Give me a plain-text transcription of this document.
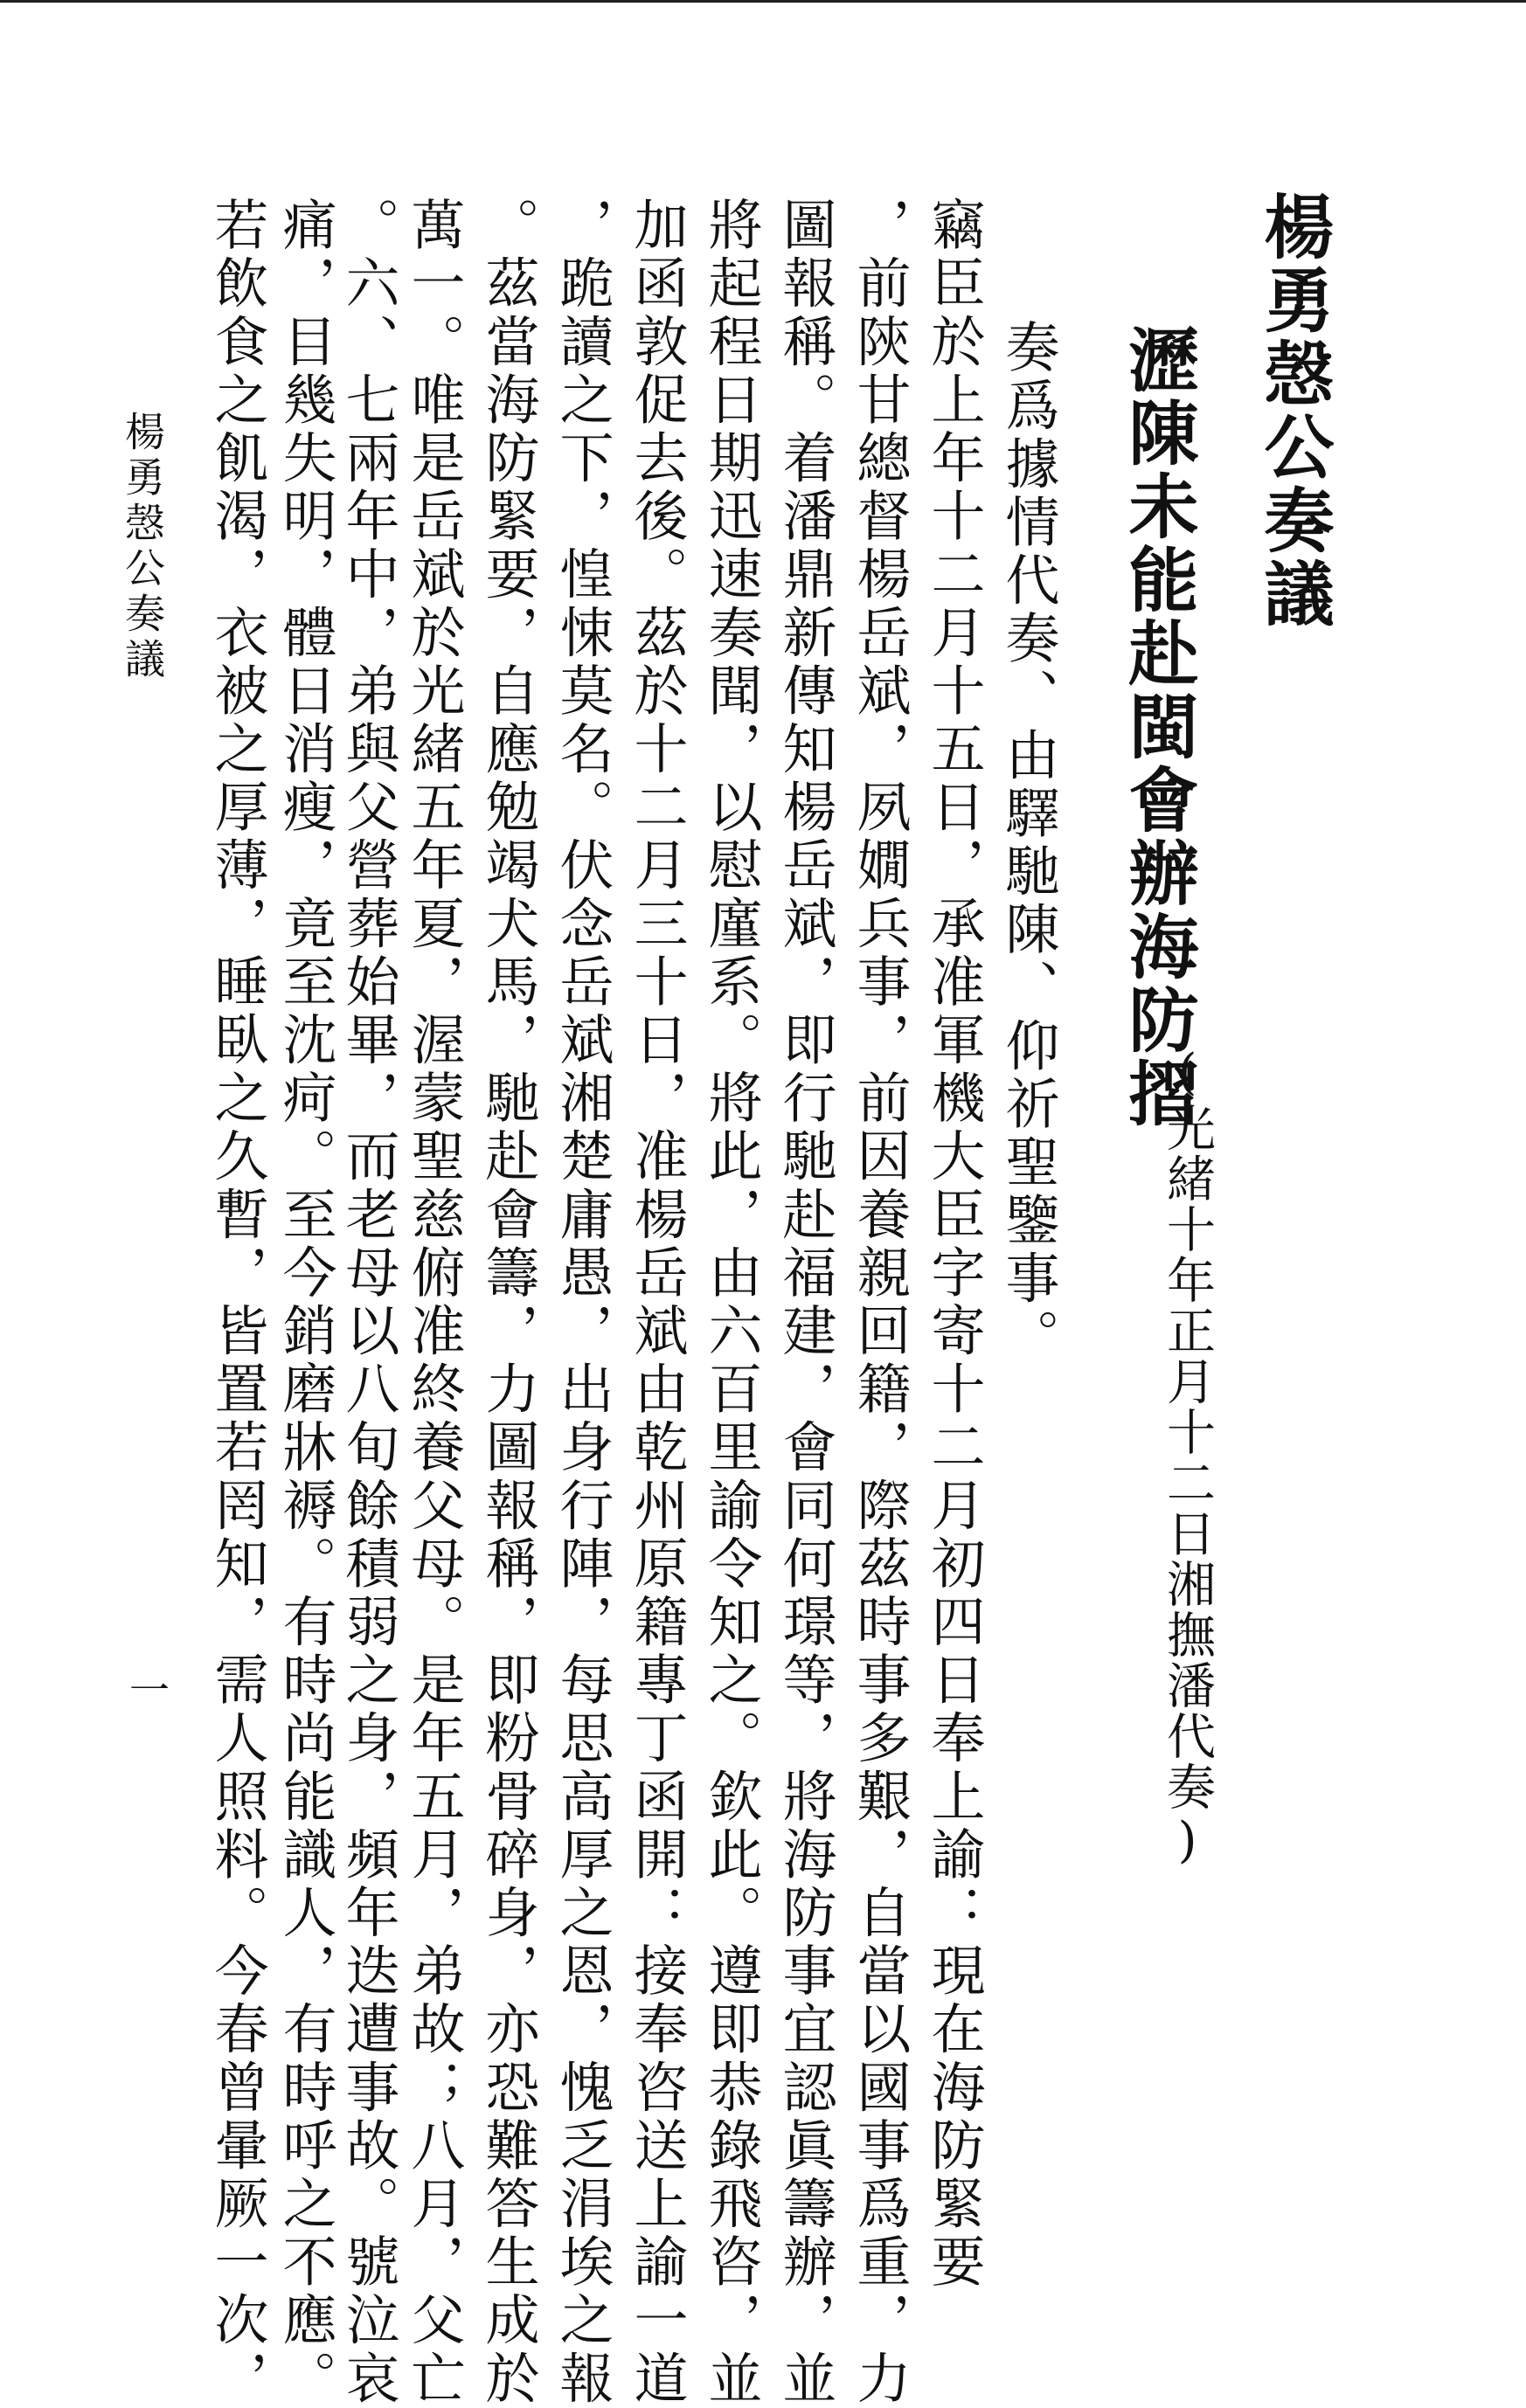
楊勇愨公奏議
瀝陳未能赴閩會辦海防摺
(光緒十年正月十二日湘撫潘代奏)

奏爲據情代奏、由驛馳陳、仰祈聖鑒事。

竊臣於上年十二月十五日，承准軍機大臣字寄十二月初四日奉上諭：現在海防緊要

，前陝甘總督楊岳斌，夙嫺兵事，前因養親回籍，際茲時事多艱，自當以國事爲重，力

圖報稱。着潘鼎新傳知楊岳斌，即行馳赴福建，會同何璟等，將海防事宜認眞籌辦，並

將起程日期迅速奏聞，以慰廑系。將此，由六百里諭令知之。欽此。遵即恭錄飛咨，並

加函敦促去後。茲於十二月三十日，准楊岳斌由乾州原籍專丁函開：接奉咨送上諭一道

，跪讀之下，惶悚莫名。伏念岳斌湘楚庸愚，出身行陣，每思高厚之恩，愧乏涓埃之報

。茲當海防緊要，自應勉竭犬馬，馳赴會籌，力圖報稱，即粉骨碎身，亦恐難答生成於

萬一。唯是岳斌於光緒五年夏，渥蒙聖慈俯准終養父母。是年五月，弟故；八月，父亡

。六、七兩年中，弟與父營葬始畢，而老母以八旬餘積弱之身，頻年迭遭事故。號泣哀

痛，目幾失明，體日消瘦，竟至沈疴。至今銷磨牀褥。有時尚能識人，有時呼之不應。

若飲食之飢渴，衣被之厚薄，睡臥之久暫，皆置若罔知，需人照料。今春曾暈厥一次，

楊勇愨公奏議
一
